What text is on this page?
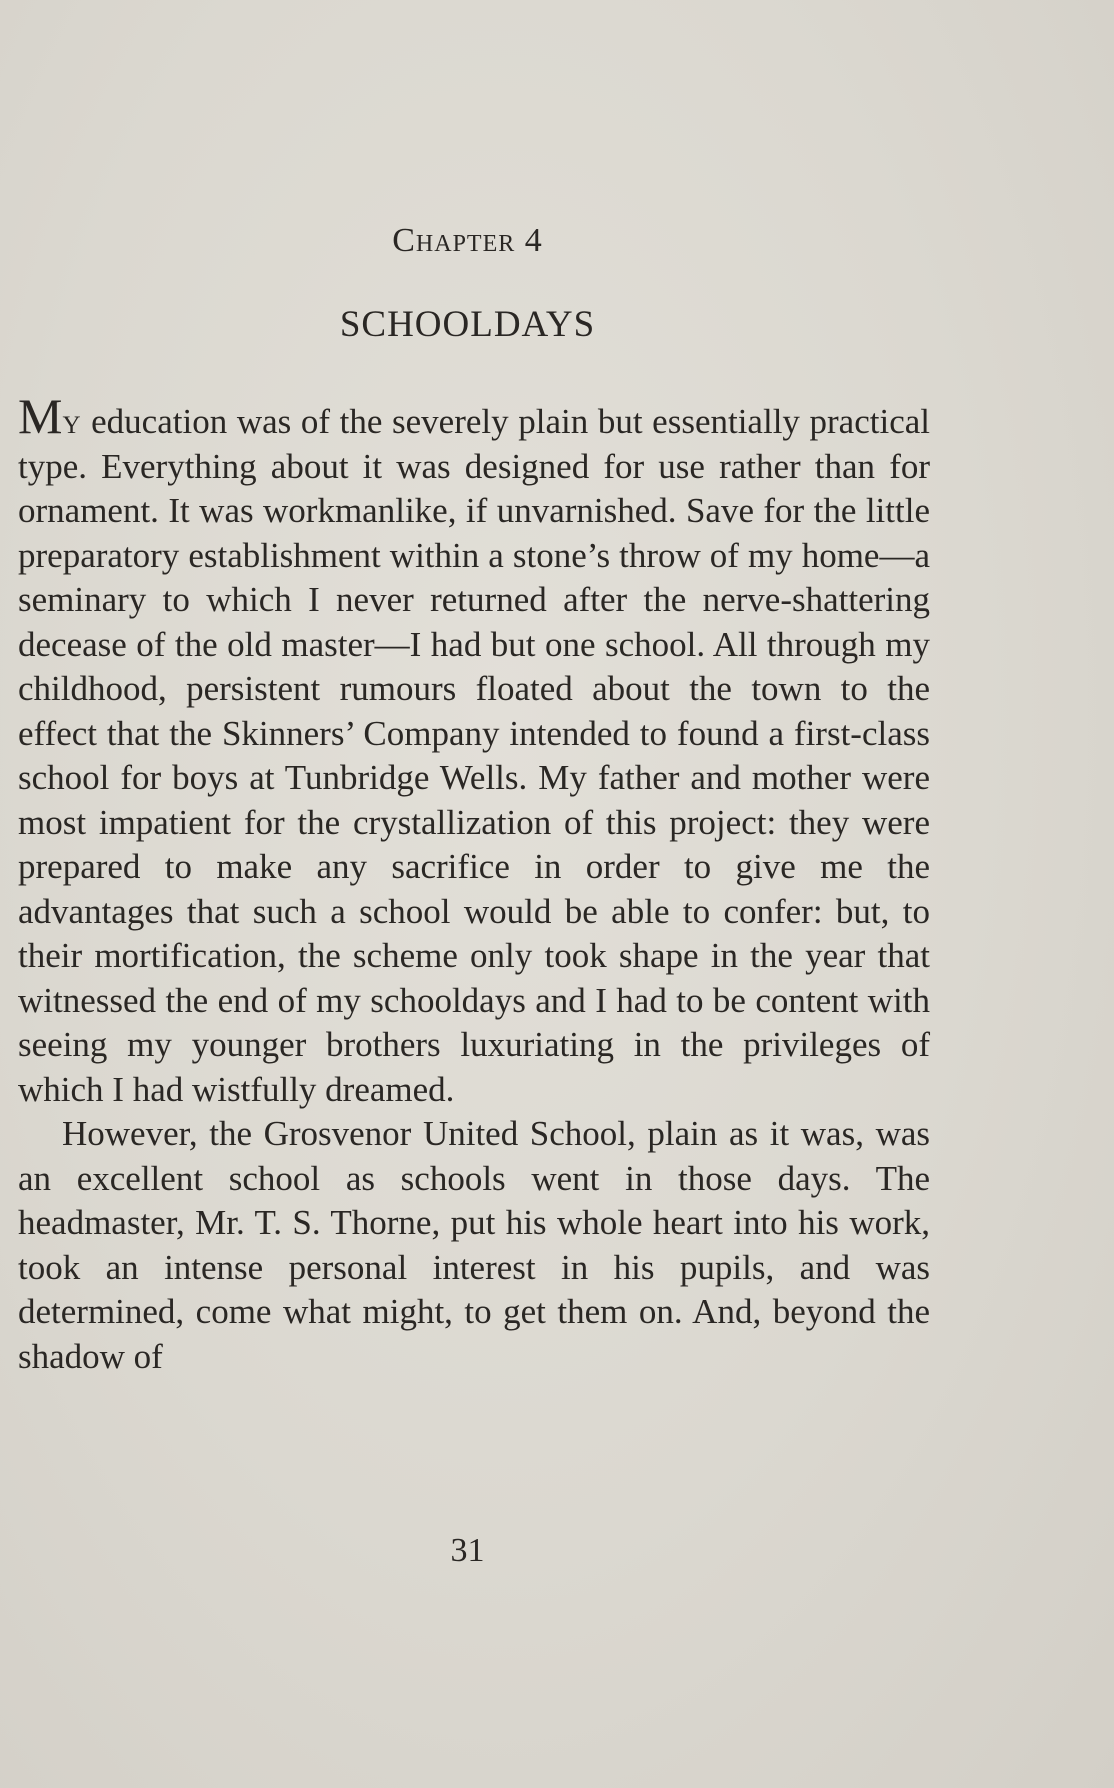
Chapter 4
SCHOOLDAYS

My education was of the severely plain but essentially practical type. Everything about it was designed for use rather than for ornament. It was workmanlike, if unvarnished. Save for the little preparatory establishment within a stone’s throw of my home—a seminary to which I never returned after the nerve-shattering decease of the old master—I had but one school. All through my childhood, persistent rumours floated about the town to the effect that the Skinners’ Company intended to found a first-class school for boys at Tunbridge Wells. My father and mother were most impatient for the crystallization of this project: they were prepared to make any sacrifice in order to give me the advantages that such a school would be able to confer: but, to their mortification, the scheme only took shape in the year that witnessed the end of my schooldays and I had to be content with seeing my younger brothers luxuriating in the privileges of which I had wistfully dreamed.

However, the Grosvenor United School, plain as it was, was an excellent school as schools went in those days. The headmaster, Mr. T. S. Thorne, put his whole heart into his work, took an intense personal interest in his pupils, and was determined, come what might, to get them on. And, beyond the shadow of

31
